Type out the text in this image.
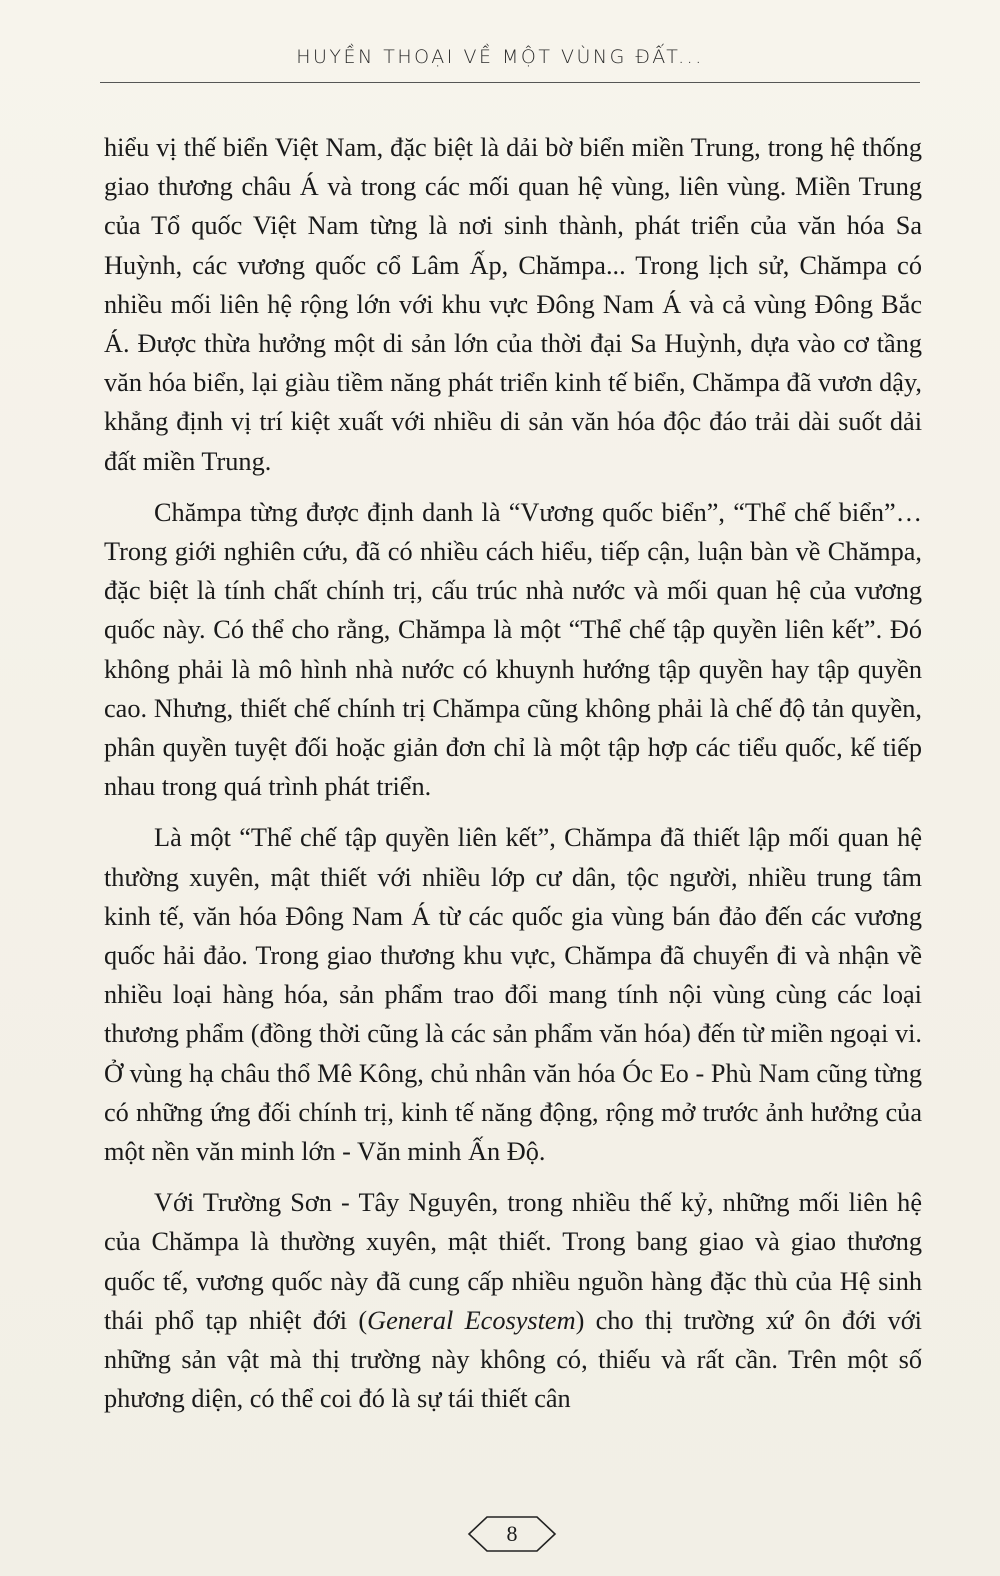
HUYỀN THOẠI VỀ MỘT VÙNG ĐẤT...

hiểu vị thế biển Việt Nam, đặc biệt là dải bờ biển miền Trung, trong hệ thống giao thương châu Á và trong các mối quan hệ vùng, liên vùng. Miền Trung của Tổ quốc Việt Nam từng là nơi sinh thành, phát triển của văn hóa Sa Huỳnh, các vương quốc cổ Lâm Ấp, Chămpa... Trong lịch sử, Chămpa có nhiều mối liên hệ rộng lớn với khu vực Đông Nam Á và cả vùng Đông Bắc Á. Được thừa hưởng một di sản lớn của thời đại Sa Huỳnh, dựa vào cơ tầng văn hóa biển, lại giàu tiềm năng phát triển kinh tế biển, Chămpa đã vươn dậy, khẳng định vị trí kiệt xuất với nhiều di sản văn hóa độc đáo trải dài suốt dải đất miền Trung.

Chămpa từng được định danh là “Vương quốc biển”, “Thể chế biển”… Trong giới nghiên cứu, đã có nhiều cách hiểu, tiếp cận, luận bàn về Chămpa, đặc biệt là tính chất chính trị, cấu trúc nhà nước và mối quan hệ của vương quốc này. Có thể cho rằng, Chămpa là một “Thể chế tập quyền liên kết”. Đó không phải là mô hình nhà nước có khuynh hướng tập quyền hay tập quyền cao. Nhưng, thiết chế chính trị Chămpa cũng không phải là chế độ tản quyền, phân quyền tuyệt đối hoặc giản đơn chỉ là một tập hợp các tiểu quốc, kế tiếp nhau trong quá trình phát triển.

Là một “Thể chế tập quyền liên kết”, Chămpa đã thiết lập mối quan hệ thường xuyên, mật thiết với nhiều lớp cư dân, tộc người, nhiều trung tâm kinh tế, văn hóa Đông Nam Á từ các quốc gia vùng bán đảo đến các vương quốc hải đảo. Trong giao thương khu vực, Chămpa đã chuyển đi và nhận về nhiều loại hàng hóa, sản phẩm trao đổi mang tính nội vùng cùng các loại thương phẩm (đồng thời cũng là các sản phẩm văn hóa) đến từ miền ngoại vi. Ở vùng hạ châu thổ Mê Kông, chủ nhân văn hóa Óc Eo - Phù Nam cũng từng có những ứng đối chính trị, kinh tế năng động, rộng mở trước ảnh hưởng của một nền văn minh lớn - Văn minh Ấn Độ.

Với Trường Sơn - Tây Nguyên, trong nhiều thế kỷ, những mối liên hệ của Chămpa là thường xuyên, mật thiết. Trong bang giao và giao thương quốc tế, vương quốc này đã cung cấp nhiều nguồn hàng đặc thù của Hệ sinh thái phổ tạp nhiệt đới (General Ecosystem) cho thị trường xứ ôn đới với những sản vật mà thị trường này không có, thiếu và rất cần. Trên một số phương diện, có thể coi đó là sự tái thiết cân

8
